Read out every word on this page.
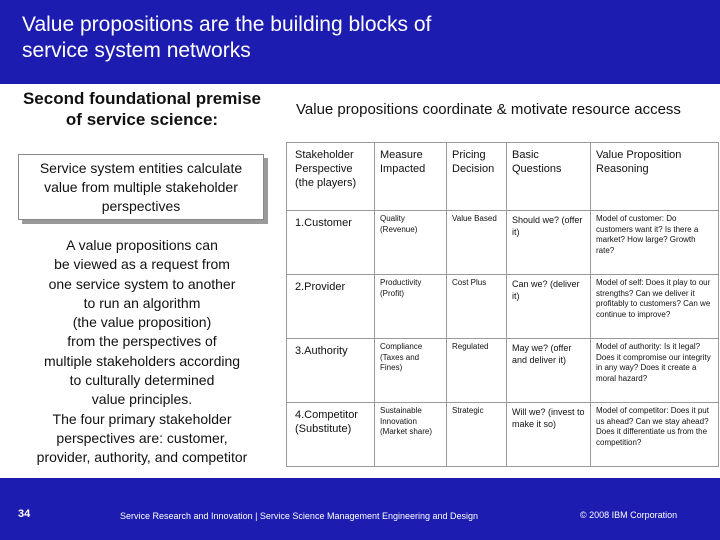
Value propositions are the building blocks of
service system networks
Second foundational premise
of service science:
Service system entities calculate value from multiple stakeholder perspectives
A value propositions can
be viewed as a request from
one service system to another
to run an algorithm
(the value proposition)
from the perspectives of
multiple stakeholders according
to culturally determined
value principles.
The four primary stakeholder
perspectives are: customer,
provider, authority, and competitor
Value propositions coordinate & motivate resource access
Stakeholder Perspective (the players)	Measure Impacted	Pricing Decision	Basic Questions	Value Proposition Reasoning
1.Customer	Quality (Revenue)	Value Based	Should we? (offer it)	Model of customer: Do customers want it? Is there a market? How large? Growth rate?
2.Provider	Productivity (Profit)	Cost Plus	Can we? (deliver it)	Model of self: Does it play to our strengths? Can we deliver it profitably to customers? Can we continue to improve?
3.Authority	Compliance (Taxes and Fines)	Regulated	May we? (offer and deliver it)	Model of authority: Is it legal? Does it compromise our integrity in any way? Does it create a moral hazard?
4.Competitor (Substitute)	Sustainable Innovation (Market share)	Strategic	Will we? (invest to make it so)	Model of competitor: Does it put us ahead? Can we stay ahead? Does it differentiate us from the competition?
34	Service Research and Innovation | Service Science Management Engineering and Design	© 2008 IBM Corporation
